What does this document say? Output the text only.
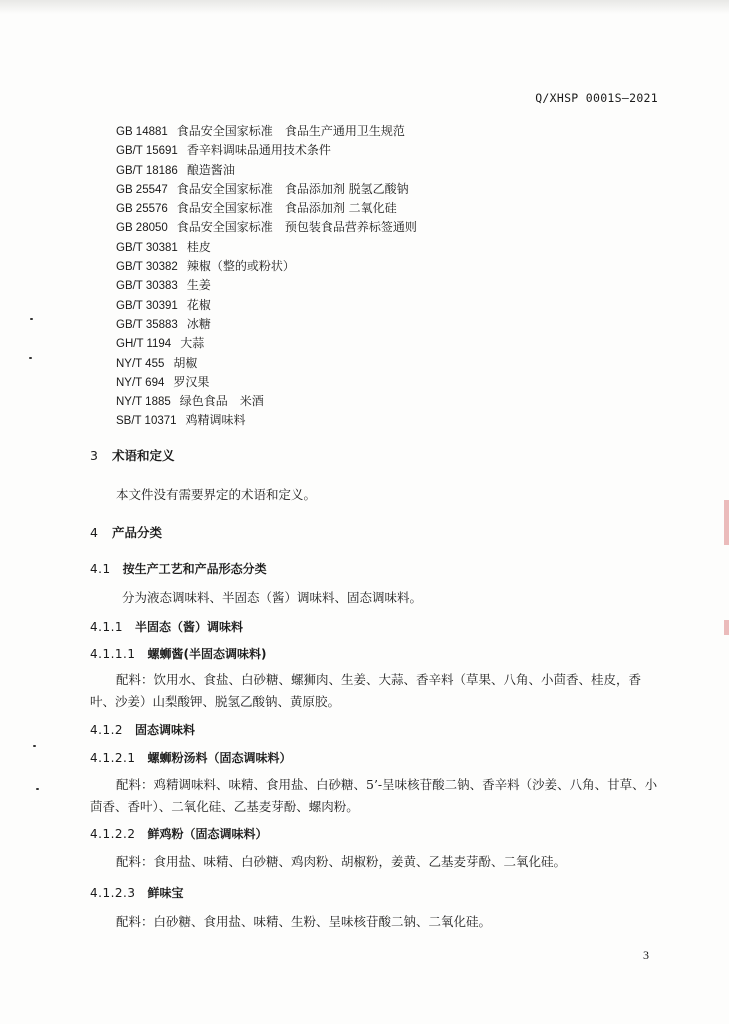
Q/XHSP 0001S—2021
GB 14881 食品安全国家标准 食品生产通用卫生规范
GB/T 15691 香辛料调味品通用技术条件
GB/T 18186 酿造酱油
GB 25547 食品安全国家标准 食品添加剂 脱氢乙酸钠
GB 25576 食品安全国家标准 食品添加剂 二氧化硅
GB 28050 食品安全国家标准 预包装食品营养标签通则
GB/T 30381 桂皮
GB/T 30382 辣椒（整的或粉状）
GB/T 30383 生姜
GB/T 30391 花椒
GB/T 35883 冰糖
GH/T 1194 大蒜
NY/T 455 胡椒
NY/T 694 罗汉果
NY/T 1885 绿色食品 米酒
SB/T 10371 鸡精调味料
3 术语和定义
本文件没有需要界定的术语和定义。
4 产品分类
4.1 按生产工艺和产品形态分类
分为液态调味料、半固态（酱）调味料、固态调味料。
4.1.1 半固态（酱）调味料
4.1.1.1 螺蛳酱(半固态调味料)
配料：饮用水、食盐、白砂糖、螺狮肉、生姜、大蒜、香辛料（草果、八角、小茴香、桂皮，香叶、沙姜）山梨酸钾、脱氢乙酸钠、黄原胶。
4.1.2 固态调味料
4.1.2.1 螺蛳粉汤料（固态调味料）
配料：鸡精调味料、味精、食用盐、白砂糖、5’-呈味核苷酸二钠、香辛料（沙姜、八角、甘草、小茴香、香叶）、二氧化硅、乙基麦芽酚、螺肉粉。
4.1.2.2 鲜鸡粉（固态调味料）
配料：食用盐、味精、白砂糖、鸡肉粉、胡椒粉，姜黄、乙基麦芽酚、二氧化硅。
4.1.2.3 鲜味宝
配料：白砂糖、食用盐、味精、生粉、呈味核苷酸二钠、二氧化硅。
3
